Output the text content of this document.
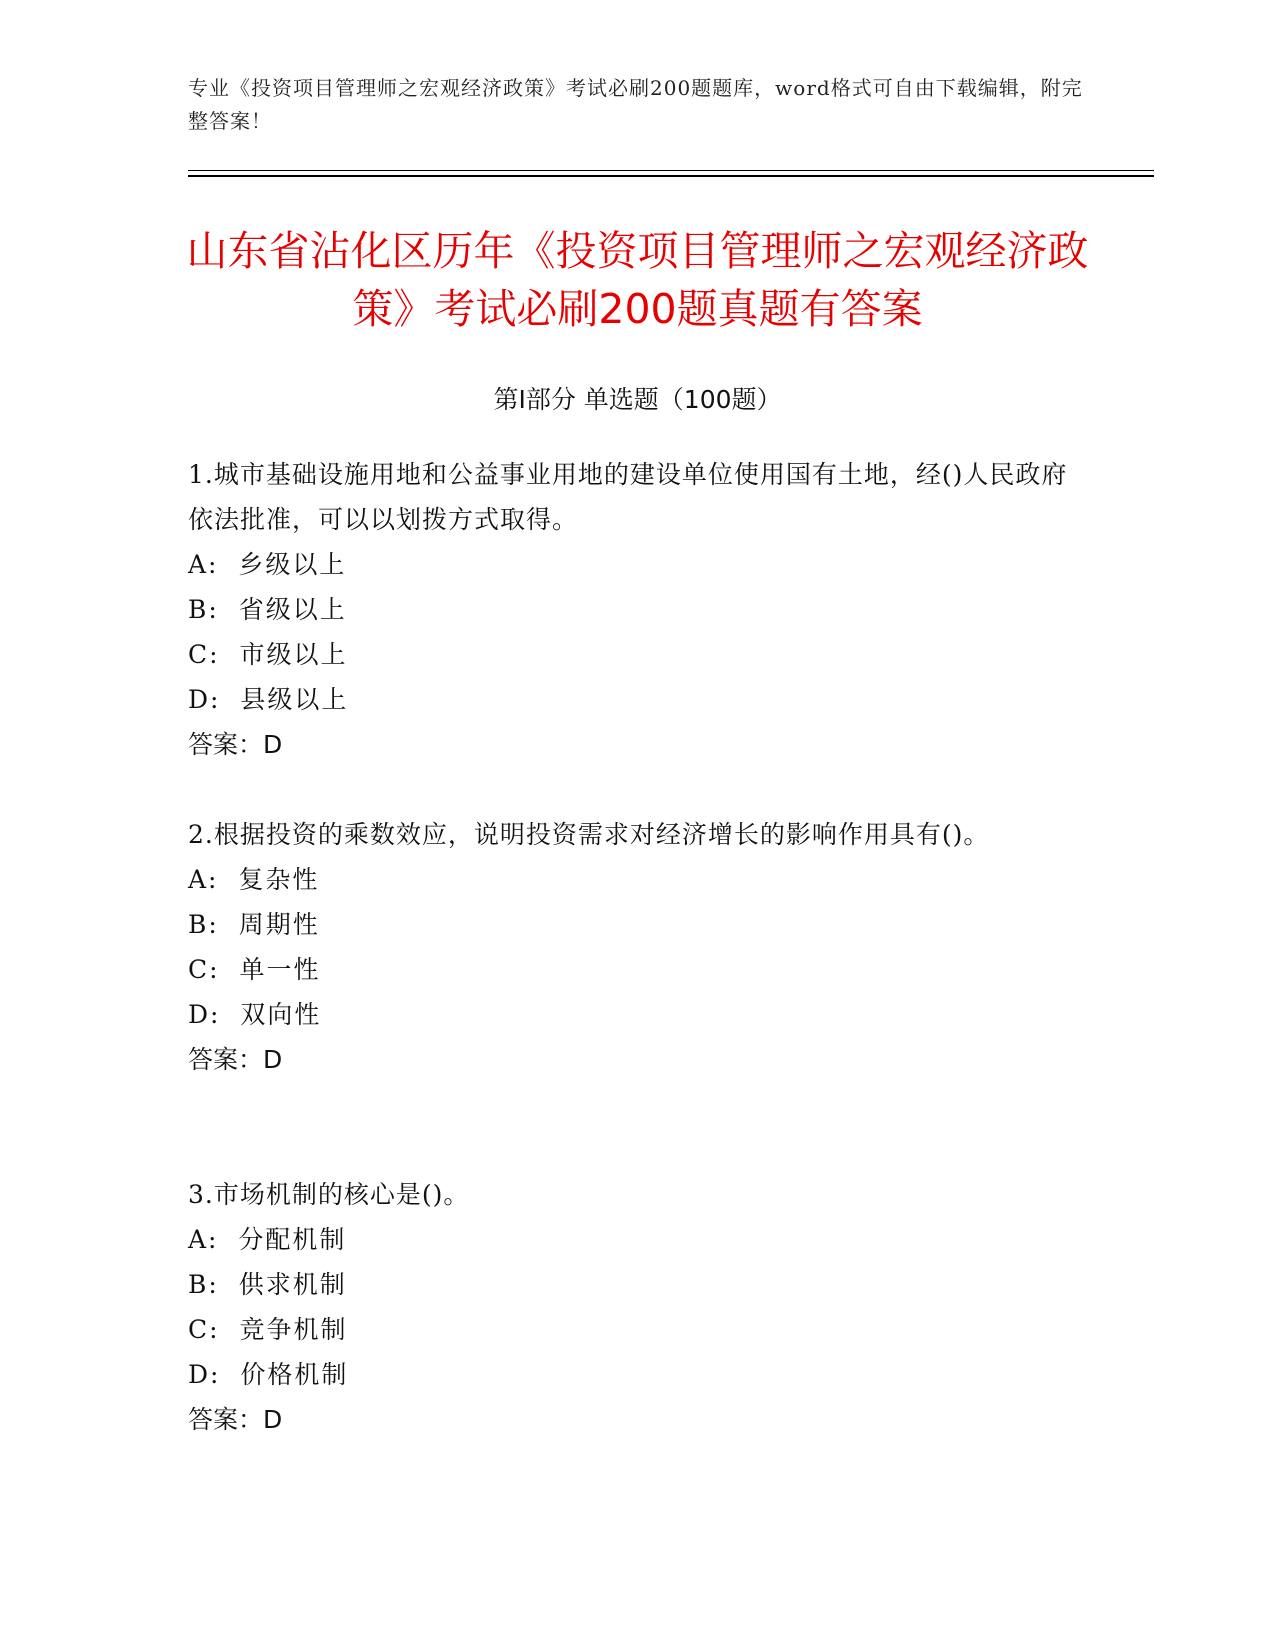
专业《投资项目管理师之宏观经济政策》考试必刷200题题库，word格式可自由下载编辑，附完整答案！
山东省沾化区历年《投资项目管理师之宏观经济政策》考试必刷200题真题有答案
第I部分 单选题（100题）

1.城市基础设施用地和公益事业用地的建设单位使用国有土地，经()人民政府依法批准，可以以划拨方式取得。

A:  乡级以上

B:  省级以上

C:  市级以上

D:  县级以上

答案：D

2.根据投资的乘数效应，说明投资需求对经济增长的影响作用具有()。

A:  复杂性

B:  周期性

C:  单一性

D:  双向性

答案：D

3.市场机制的核心是()。

A:  分配机制

B:  供求机制

C:  竞争机制

D:  价格机制

答案：D
